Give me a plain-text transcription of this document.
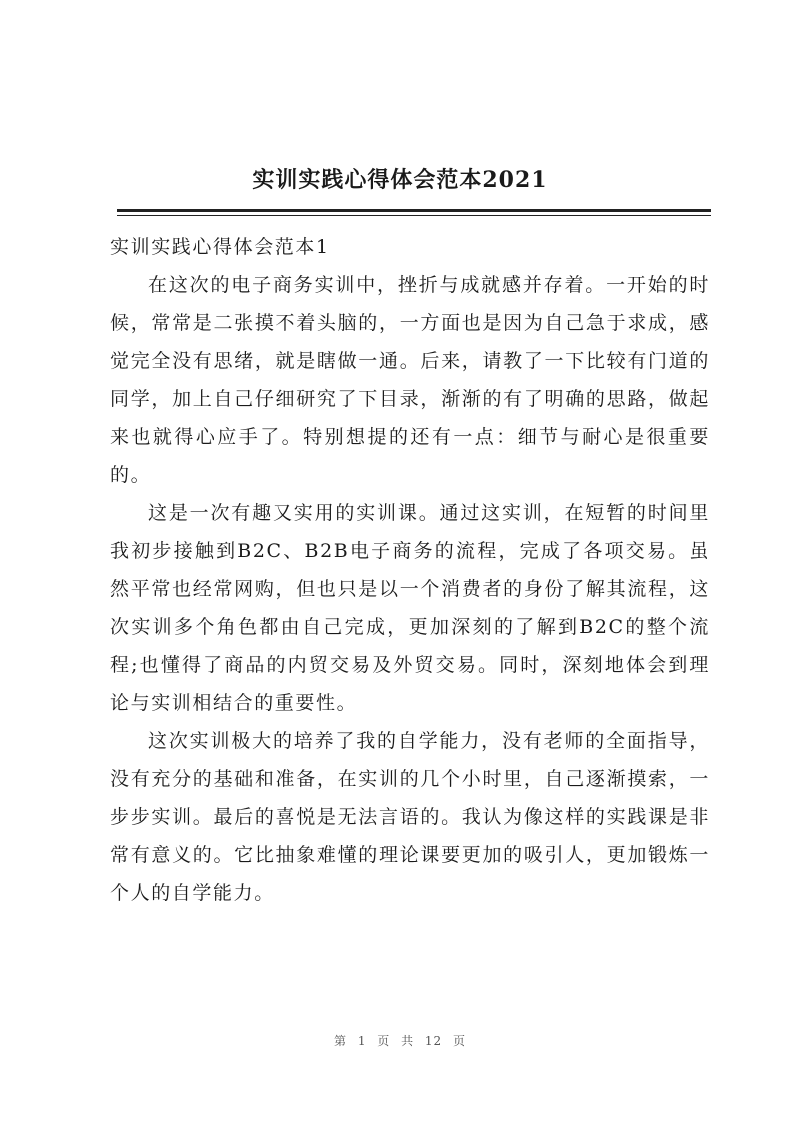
实训实践心得体会范本2021

实训实践心得体会范本1

在这次的电子商务实训中，挫折与成就感并存着。一开始的时候，常常是二张摸不着头脑的，一方面也是因为自己急于求成，感觉完全没有思绪，就是瞎做一通。后来，请教了一下比较有门道的同学，加上自己仔细研究了下目录，渐渐的有了明确的思路，做起来也就得心应手了。特别想提的还有一点：细节与耐心是很重要的。

这是一次有趣又实用的实训课。通过这实训，在短暂的时间里我初步接触到B2C、B2B电子商务的流程，完成了各项交易。虽然平常也经常网购，但也只是以一个消费者的身份了解其流程，这次实训多个角色都由自己完成，更加深刻的了解到B2C的整个流程;也懂得了商品的内贸交易及外贸交易。同时，深刻地体会到理论与实训相结合的重要性。

这次实训极大的培养了我的自学能力，没有老师的全面指导，没有充分的基础和准备，在实训的几个小时里，自己逐渐摸索，一步步实训。最后的喜悦是无法言语的。我认为像这样的实践课是非常有意义的。它比抽象难懂的理论课要更加的吸引人，更加锻炼一个人的自学能力。

第 1 页 共 12 页
